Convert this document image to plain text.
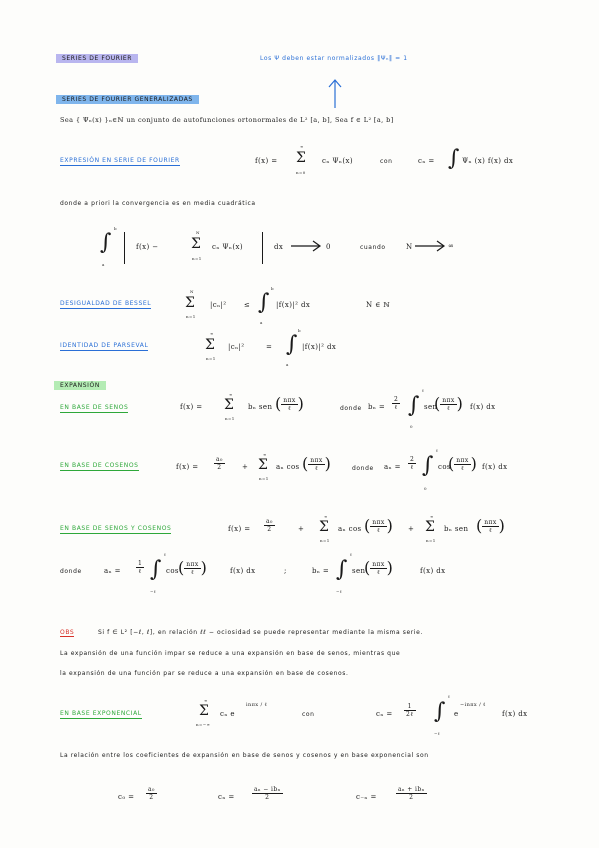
SERIES DE FOURIER	Los Ψ deben estar normalizados ‖Ψₙ‖ = 1
SERIES DE FOURIER GENERALIZADAS
Sea { Ψₙ(x) }ₙ∈ℕ un conjunto de autofunciones ortonormales de L² [a, b], Sea f ∈ L² [a, b]
EXPRESIÓN EN SERIE DE FOURIER	f(x) =
∞
Σ
n=0
cₙ Ψₙ(x)	con	cₙ = ∫ Ψₙ (x) f(x) dx
donde a priori la convergencia es en media cuadrática
∫
b
a
f(x) −
N
Σ
n=1
cₙ Ψₙ(x)	dx	0	cuando	N	∞
DESIGUALDAD DE BESSEL
N
Σ
n=1
|cₙ|²	≤ ∫
b
a
|f(x)|² dx	N ∈ ℕ
IDENTIDAD DE PARSEVAL
∞
Σ
n=1
|cₙ|²	= ∫
b
a
|f(x)|² dx
EXPANSIÓN
EN BASE DE SENOS	f(x) =
∞
Σ
n=1
bₙ sen ( $\frac{\text{nπx}}{\text{ℓ}}$ )	donde bₙ =
2
ℓ ∫
ℓ
0
sen
( $\frac{\text{nπx}}{\text{ℓ}}$ ) f(x) dx
EN BASE DE COSENOS	f(x) =	$\frac{\text{a₀}}{2}$ +
∞
Σ
n=1
aₙ cos ( $\frac{\text{nπx}}{\text{ℓ}}$ )	donde aₙ =
2
ℓ ∫
ℓ
0
cos
( $\frac{\text{nπx}}{\text{ℓ}}$ ) f(x) dx
EN BASE DE SENOS Y COSENOS	$f(x) = \frac{\text{a₀}}{2}$	+
∞
Σ
n=1
aₙ cos ( $\frac{\text{nπx}}{\text{ℓ}}$ ) +
∞
Σ
n=1
bₙ sen ( $\frac{\text{nπx}}{\text{ℓ}}$ )
donde	aₙ =
1
ℓ ∫
ℓ
−ℓ
cos ( $\frac{\text{nπx}}{\text{ℓ}}$ )	f(x) dx	;	bₙ = ∫
ℓ
−ℓ
sen
( $\frac{\text{nπx}}{\text{ℓ}}$ )	f(x) dx
OBS	Si f ∈ L² [−ℓ, ℓ], en relación ℓℓ − ociosidad se puede representar mediante la misma serie.
La expansión de una función impar se reduce a una expansión en base de senos, mientras que
la expansión de una función par se reduce a una expansión en base de cosenos.
EN BASE EXPONENCIAL
∞
Σ
n=−∞
cₙ e
inπx / ℓ
con	cₙ =
1
2ℓ ∫
ℓ
−ℓ
e
−inπx / ℓ
f(x) dx
La relación entre los coeficientes de expansión en base de senos y cosenos y en base exponencial son
$c_0 = \frac{\text{a₀}}{2}$	cₙ =
aₙ − ibₙ
2	c₋ₙ =
aₙ + ibₙ
2
